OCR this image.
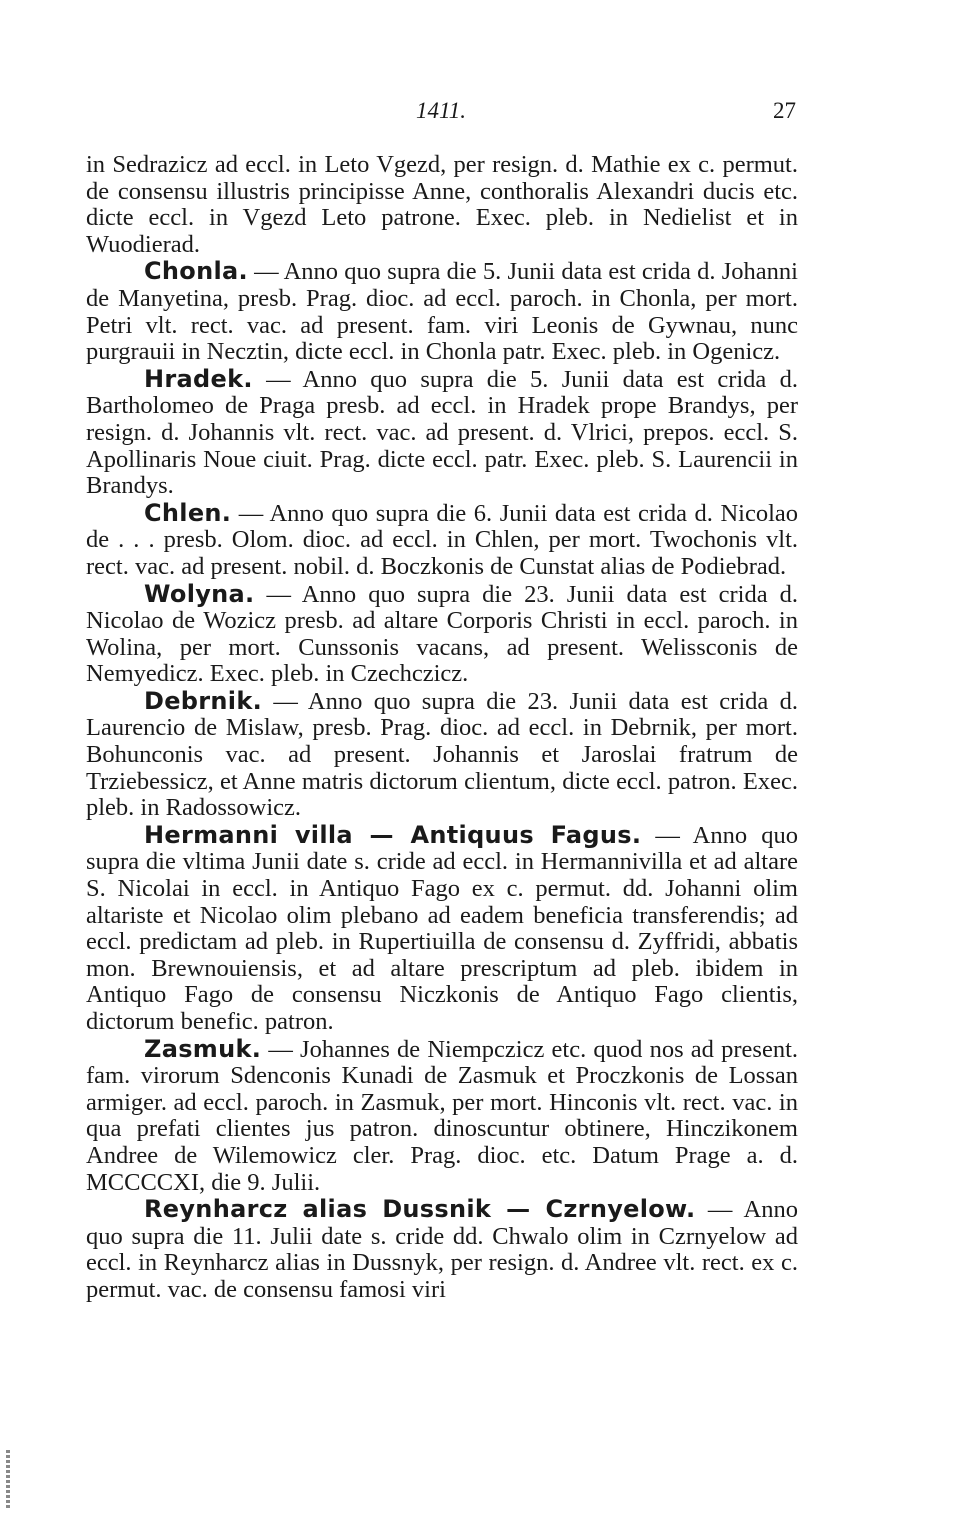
1411.	27

in Sedrazicz ad eccl. in Leto Vgezd, per resign. d. Mathie ex c. permut. de consensu illustris principisse Anne, conthoralis Alexandri ducis etc. dicte eccl. in Vgezd Leto patrone. Exec. pleb. in Nedielist et in Wuodierad.

Chonla. — Anno quo supra die 5. Junii data est crida d. Johanni de Manyetina, presb. Prag. dioc. ad eccl. paroch. in Chonla, per mort. Petri vlt. rect. vac. ad present. fam. viri Leonis de Gywnau, nunc purgrauii in Necztin, dicte eccl. in Chonla patr. Exec. pleb. in Ogenicz.

Hradek. — Anno quo supra die 5. Junii data est crida d. Bartholomeo de Praga presb. ad eccl. in Hradek prope Brandys, per resign. d. Johannis vlt. rect. vac. ad present. d. Vlrici, prepos. eccl. S. Apollinaris Noue ciuit. Prag. dicte eccl. patr. Exec. pleb. S. Laurencii in Brandys.

Chlen. — Anno quo supra die 6. Junii data est crida d. Nicolao de . . . presb. Olom. dioc. ad eccl. in Chlen, per mort. Twochonis vlt. rect. vac. ad present. nobil. d. Boczkonis de Cunstat alias de Podiebrad.

Wolyna. — Anno quo supra die 23. Junii data est crida d. Nicolao de Wozicz presb. ad altare Corporis Christi in eccl. paroch. in Wolina, per mort. Cunssonis vacans, ad present. Welissconis de Nemyedicz. Exec. pleb. in Czechczicz.

Debrnik. — Anno quo supra die 23. Junii data est crida d. Laurencio de Mislaw, presb. Prag. dioc. ad eccl. in Debrnik, per mort. Bohunconis vac. ad present. Johannis et Jaroslai fratrum de Trziebessicz, et Anne matris dictorum clientum, dicte eccl. patron. Exec. pleb. in Radossowicz.

Hermanni villa — Antiquus Fagus. — Anno quo supra die vltima Junii date s. cride ad eccl. in Hermannivilla et ad altare S. Nicolai in eccl. in Antiquo Fago ex c. permut. dd. Johanni olim altariste et Nicolao olim plebano ad eadem beneficia transferendis; ad eccl. predictam ad pleb. in Rupertiuilla de consensu d. Zyffridi, abbatis mon. Brewnouiensis, et ad altare prescriptum ad pleb. ibidem in Antiquo Fago de consensu Niczkonis de Antiquo Fago clientis, dictorum benefic. patron.

Zasmuk. — Johannes de Niempczicz etc. quod nos ad present. fam. virorum Sdenconis Kunadi de Zasmuk et Proczkonis de Lossan armiger. ad eccl. paroch. in Zasmuk, per mort. Hinconis vlt. rect. vac. in qua prefati clientes jus patron. dinoscuntur obtinere, Hinczikonem Andree de Wilemowicz cler. Prag. dioc. etc. Datum Prage a. d. MCCCCXI, die 9. Julii.

Reynharcz alias Dussnik — Czrnyelow. — Anno quo supra die 11. Julii date s. cride dd. Chwalo olim in Czrnyelow ad eccl. in Reynharcz alias in Dussnyk, per resign. d. Andree vlt. rect. ex c. permut. vac. de consensu famosi viri
